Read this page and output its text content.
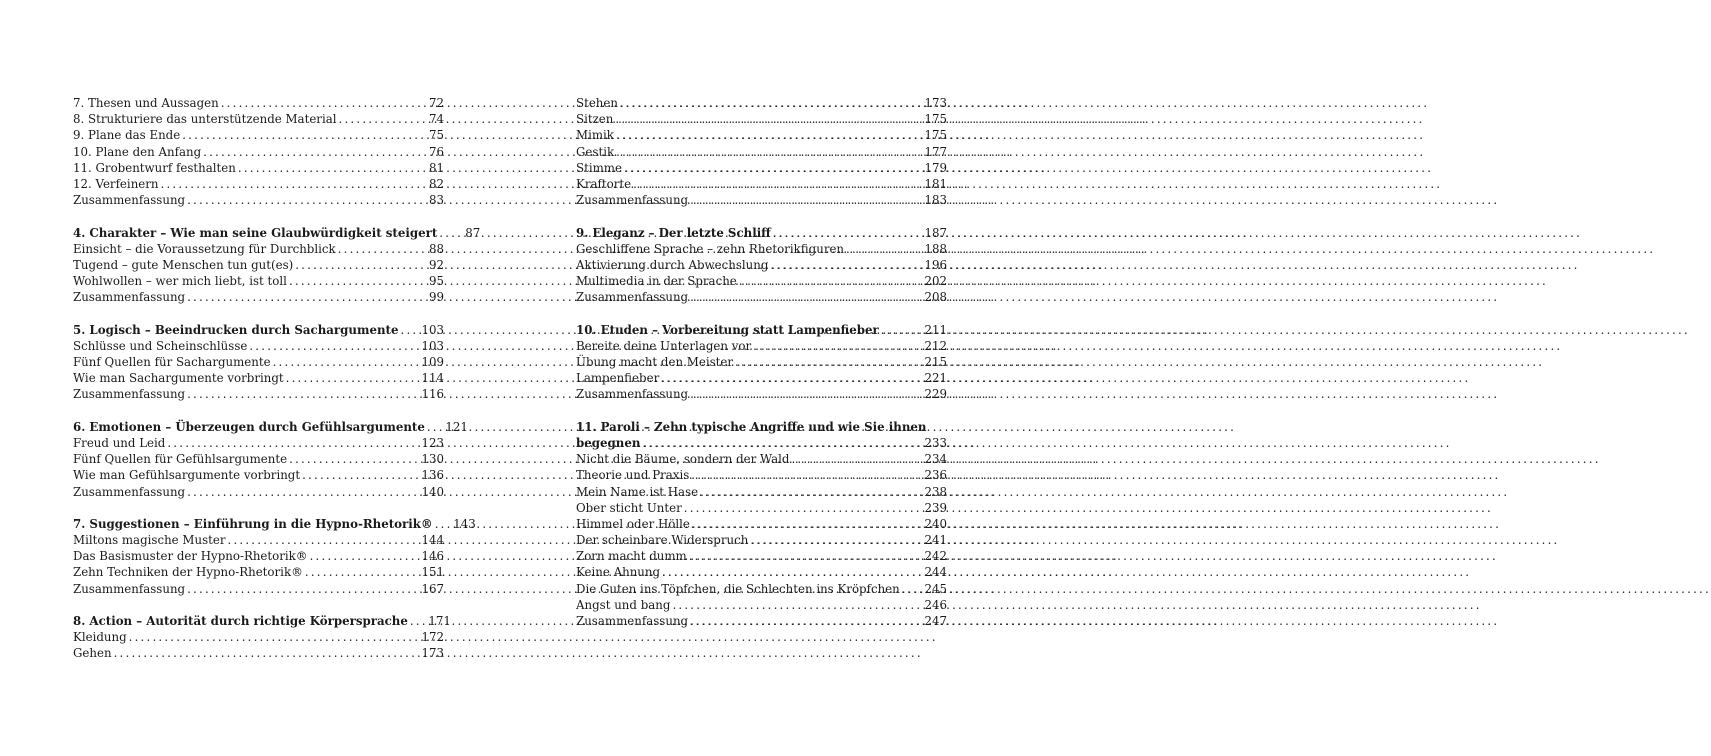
7. Thesen und Aussagen .....	72
8. Strukturiere das unterstützende Material .....	74
9. Plane das Ende .....	75
10. Plane den Anfang .....	76
11. Grobentwurf festhalten .....	81
12. Verfeinern .....	82
Zusammenfassung .....	83
4. Charakter – Wie man seine Glaubwürdigkeit steigert .....	87
Einsicht – die Voraussetzung für Durchblick .....	88
Tugend – gute Menschen tun gut(es) .....	92
Wohlwollen – wer mich liebt, ist toll .....	95
Zusammenfassung .....	99
5. Logisch – Beeindrucken durch Sachargumente .....	103
Schlüsse und Scheinschlüsse .....	103
Fünf Quellen für Sachargumente .....	109
Wie man Sachargumente vorbringt .....	114
Zusammenfassung .....	116
6. Emotionen – Überzeugen durch Gefühlsargumente .....	121
Freud und Leid .....	123
Fünf Quellen für Gefühlsargumente .....	130
Wie man Gefühlsargumente vorbringt .....	136
Zusammenfassung .....	140
7. Suggestionen – Einführung in die Hypno-Rhetorik® .....	143
Miltons magische Muster .....	144
Das Basismuster der Hypno-Rhetorik® .....	146
Zehn Techniken der Hypno-Rhetorik® .....	151
Zusammenfassung .....	167
8. Action – Autorität durch richtige Körpersprache .....	171
Kleidung .....	172
Gehen .....	173
Stehen .....	173
Sitzen .....	175
Mimik .....	175
Gestik .....	177
Stimme .....	179
Kraftorte .....	181
Zusammenfassung .....	183
9. Eleganz – Der letzte Schliff .....	187
Geschliffene Sprache – zehn Rhetorikfiguren .....	188
Aktivierung durch Abwechslung .....	196
Multimedia in der Sprache .....	202
Zusammenfassung .....	208
10. Etuden – Vorbereitung statt Lampenfieber .....	211
Bereite deine Unterlagen vor .....	212
Übung macht den Meister .....	215
Lampenfieber .....	221
Zusammenfassung .....	229
11. Paroli – Zehn typische Angriffe und wie Sie ihnen
begegnen .....	233
Nicht die Bäume, sondern der Wald .....	234
Theorie und Praxis .....	236
Mein Name ist Hase .....	238
Ober sticht Unter .....	239
Himmel oder Hölle .....	240
Der scheinbare Widerspruch .....	241
Zorn macht dumm .....	242
Keine Ahnung .....	244
Die Guten ins Töpfchen, die Schlechten ins Kröpfchen .....	245
Angst und bang .....	246
Zusammenfassung .....	247
